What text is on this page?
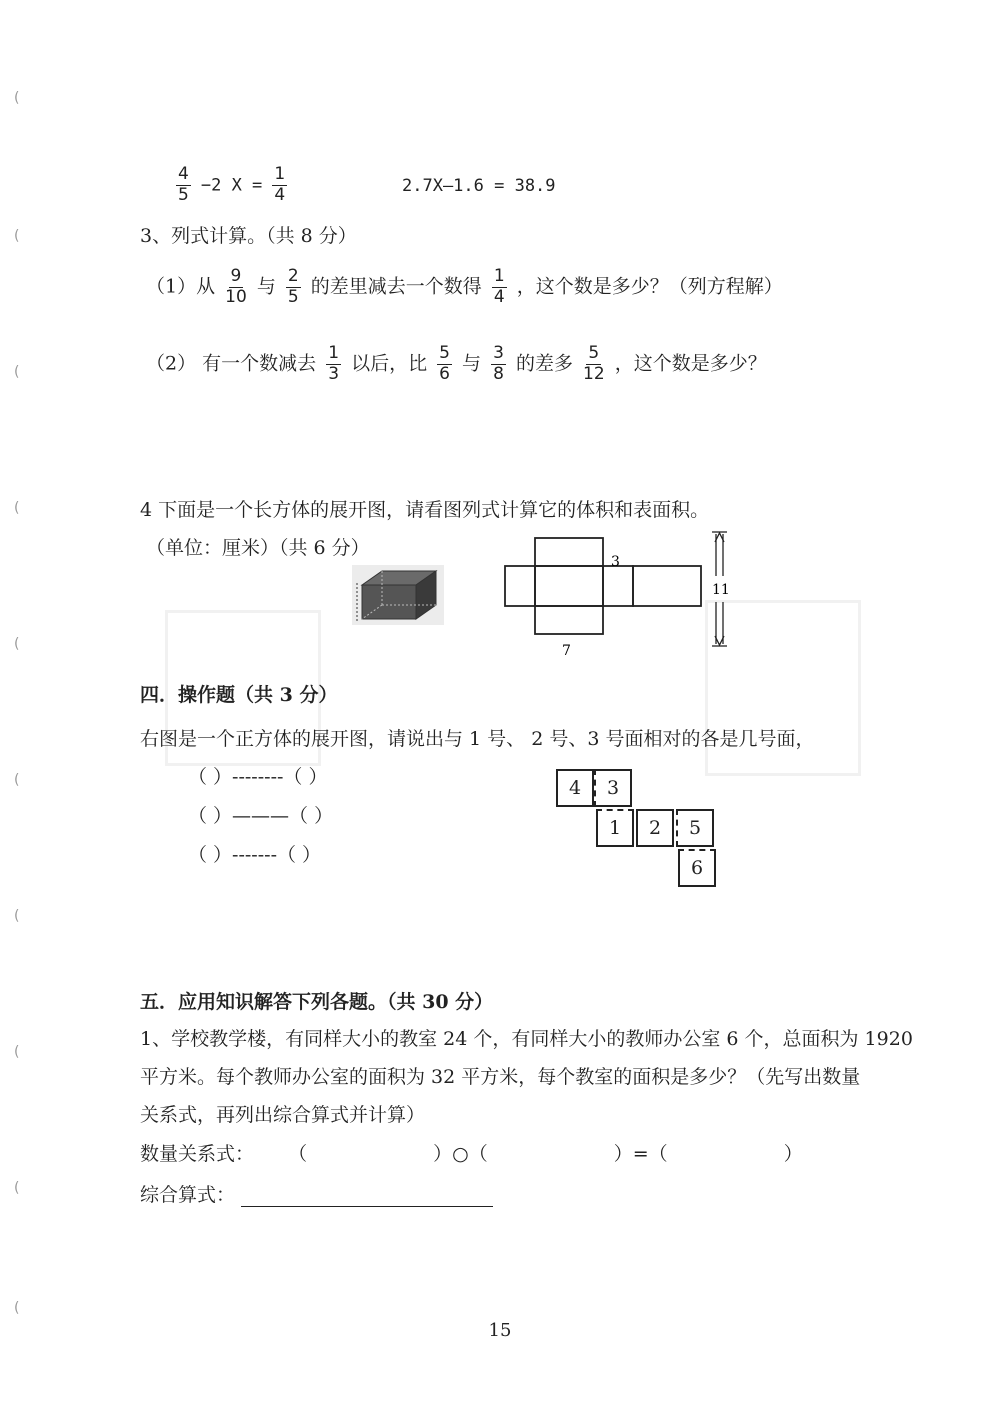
(
(
(
(
(
(
(
(
(
(
$\frac{4}{5} -2$ $X = \frac{1}{4}$	2.7X—1.6 = 38.9
3、列式计算。（共 8 分）
（1）从 $\frac{9}{10}$ 与 $\frac{2}{5}$ 的差里减去一个数得 $\frac{1}{4}$ ，这个数是多少？（列方程解）
（2） 有一个数减去 $\frac{1}{3}$ 以后，比 $\frac{5}{6}$ 与 $\frac{3}{8}$ 的差多 $\frac{5}{12}$ ，这个数是多少？
4 下面是一个长方体的展开图，请看图列式计算它的体积和表面积。
（单位：厘米）（共 6 分）
3
7
11
四．操作题（共 3 分）
右图是一个正方体的展开图，请说出与 1 号、 2 号、3 号面相对的各是几号面，
（ ）--------（ ）
（ ）———（ ）
（ ）-------（ ）
4	3
1	2	5
6
五．应用知识解答下列各题。（共 30 分）
1、学校教学楼，有同样大小的教室 24 个，有同样大小的教师办公室 6 个，总面积为 1920
平方米。每个教师办公室的面积为 32 平方米，每个教室的面积是多少？（先写出数量
关系式，再列出综合算式并计算）
数量关系式： （	）○（	）=（	）
综合算式：
15
